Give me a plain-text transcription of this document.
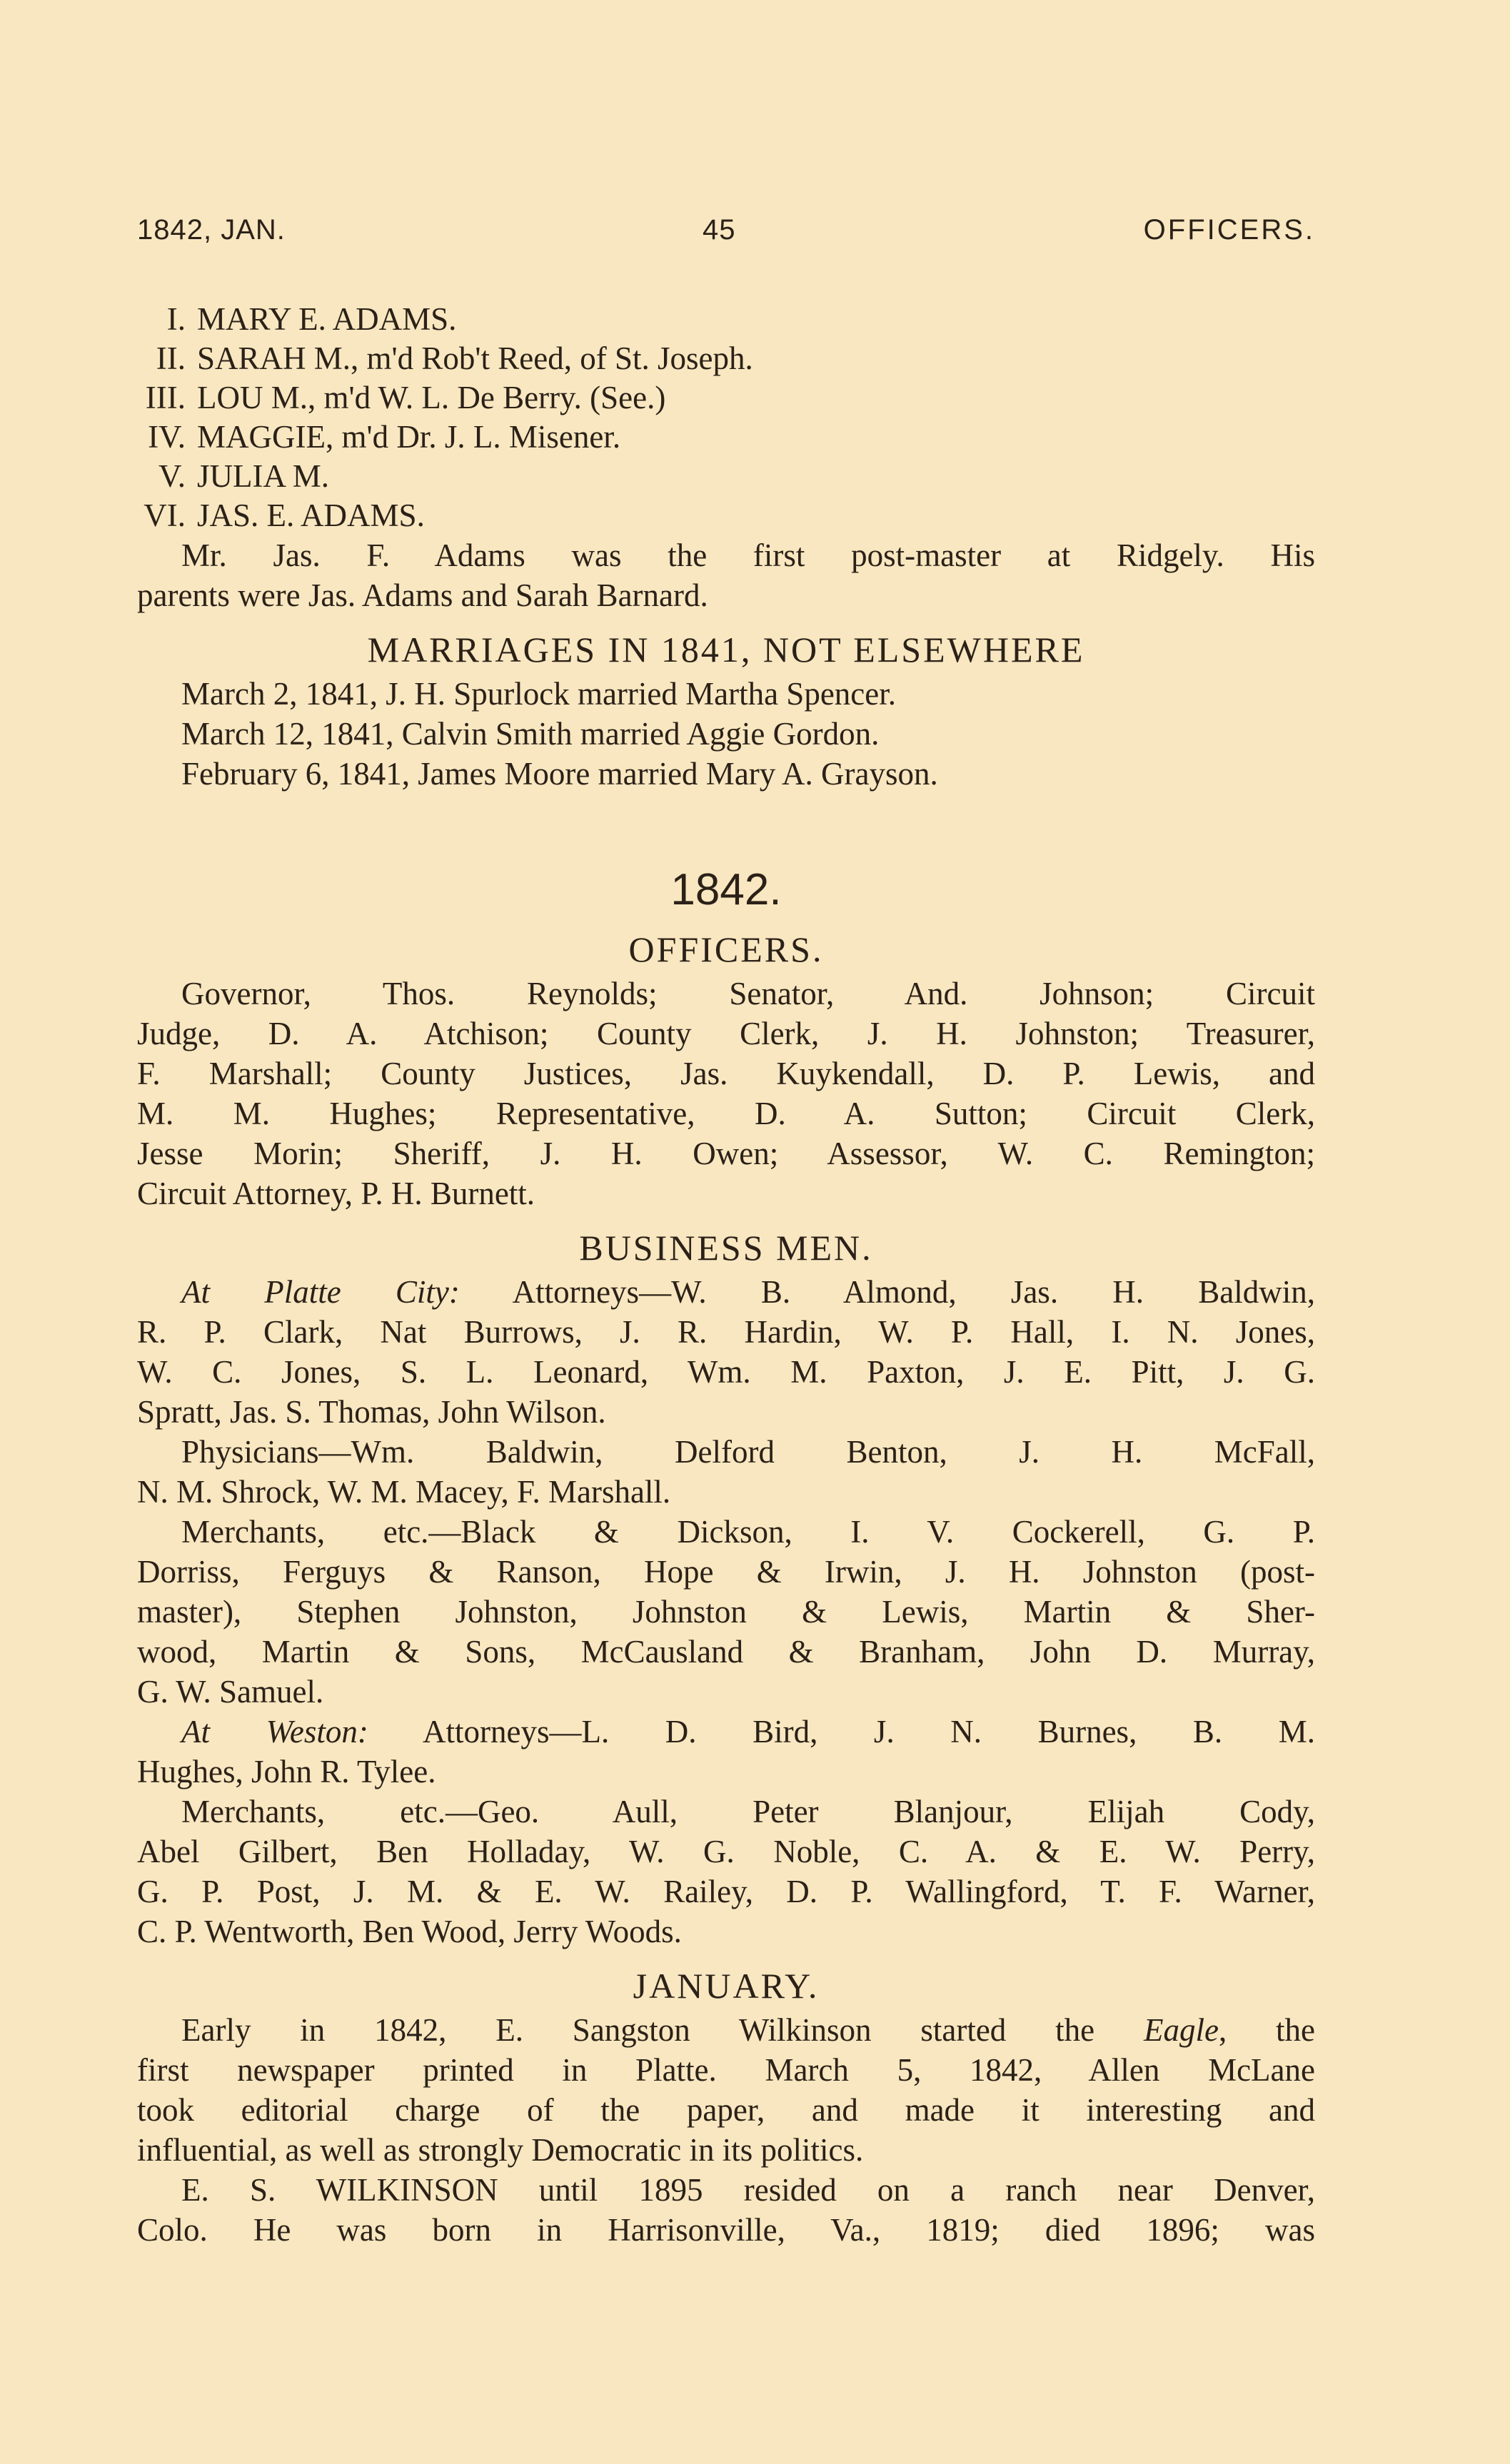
1842, JAN.	45	OFFICERS.
I. MARY E. ADAMS.
II. SARAH M., m'd Rob't Reed, of St. Joseph.
III. LOU M., m'd W. L. De Berry. (See.)
IV. MAGGIE, m'd Dr. J. L. Misener.
V. JULIA M.
VI. JAS. E. ADAMS.
Mr. Jas. F. Adams was the first post-master at Ridgely. His
parents were Jas. Adams and Sarah Barnard.
MARRIAGES IN 1841, NOT ELSEWHERE
March 2, 1841, J. H. Spurlock married Martha Spencer.
March 12, 1841, Calvin Smith married Aggie Gordon.
February 6, 1841, James Moore married Mary A. Grayson.
1842.
OFFICERS.
Governor, Thos. Reynolds; Senator, And. Johnson; Circuit
Judge, D. A. Atchison; County Clerk, J. H. Johnston; Treasurer,
F. Marshall; County Justices, Jas. Kuykendall, D. P. Lewis, and
M. M. Hughes; Representative, D. A. Sutton; Circuit Clerk,
Jesse Morin; Sheriff, J. H. Owen; Assessor, W. C. Remington;
Circuit Attorney, P. H. Burnett.
BUSINESS MEN.
At Platte City: Attorneys—W. B. Almond, Jas. H. Baldwin,
R. P. Clark, Nat Burrows, J. R. Hardin, W. P. Hall, I. N. Jones,
W. C. Jones, S. L. Leonard, Wm. M. Paxton, J. E. Pitt, J. G.
Spratt, Jas. S. Thomas, John Wilson.
Physicians—Wm. Baldwin, Delford Benton, J. H. McFall,
N. M. Shrock, W. M. Macey, F. Marshall.
Merchants, etc.—Black & Dickson, I. V. Cockerell, G. P.
Dorriss, Ferguys & Ranson, Hope & Irwin, J. H. Johnston (post-
master), Stephen Johnston, Johnston & Lewis, Martin & Sher-
wood, Martin & Sons, McCausland & Branham, John D. Murray,
G. W. Samuel.
At Weston: Attorneys—L. D. Bird, J. N. Burnes, B. M.
Hughes, John R. Tylee.
Merchants, etc.—Geo. Aull, Peter Blanjour, Elijah Cody,
Abel Gilbert, Ben Holladay, W. G. Noble, C. A. & E. W. Perry,
G. P. Post, J. M. & E. W. Railey, D. P. Wallingford, T. F. Warner,
C. P. Wentworth, Ben Wood, Jerry Woods.
JANUARY.
Early in 1842, E. Sangston Wilkinson started the Eagle, the
first newspaper printed in Platte. March 5, 1842, Allen McLane
took editorial charge of the paper, and made it interesting and
influential, as well as strongly Democratic in its politics.
E. S. WILKINSON until 1895 resided on a ranch near Denver,
Colo. He was born in Harrisonville, Va., 1819; died 1896; was
